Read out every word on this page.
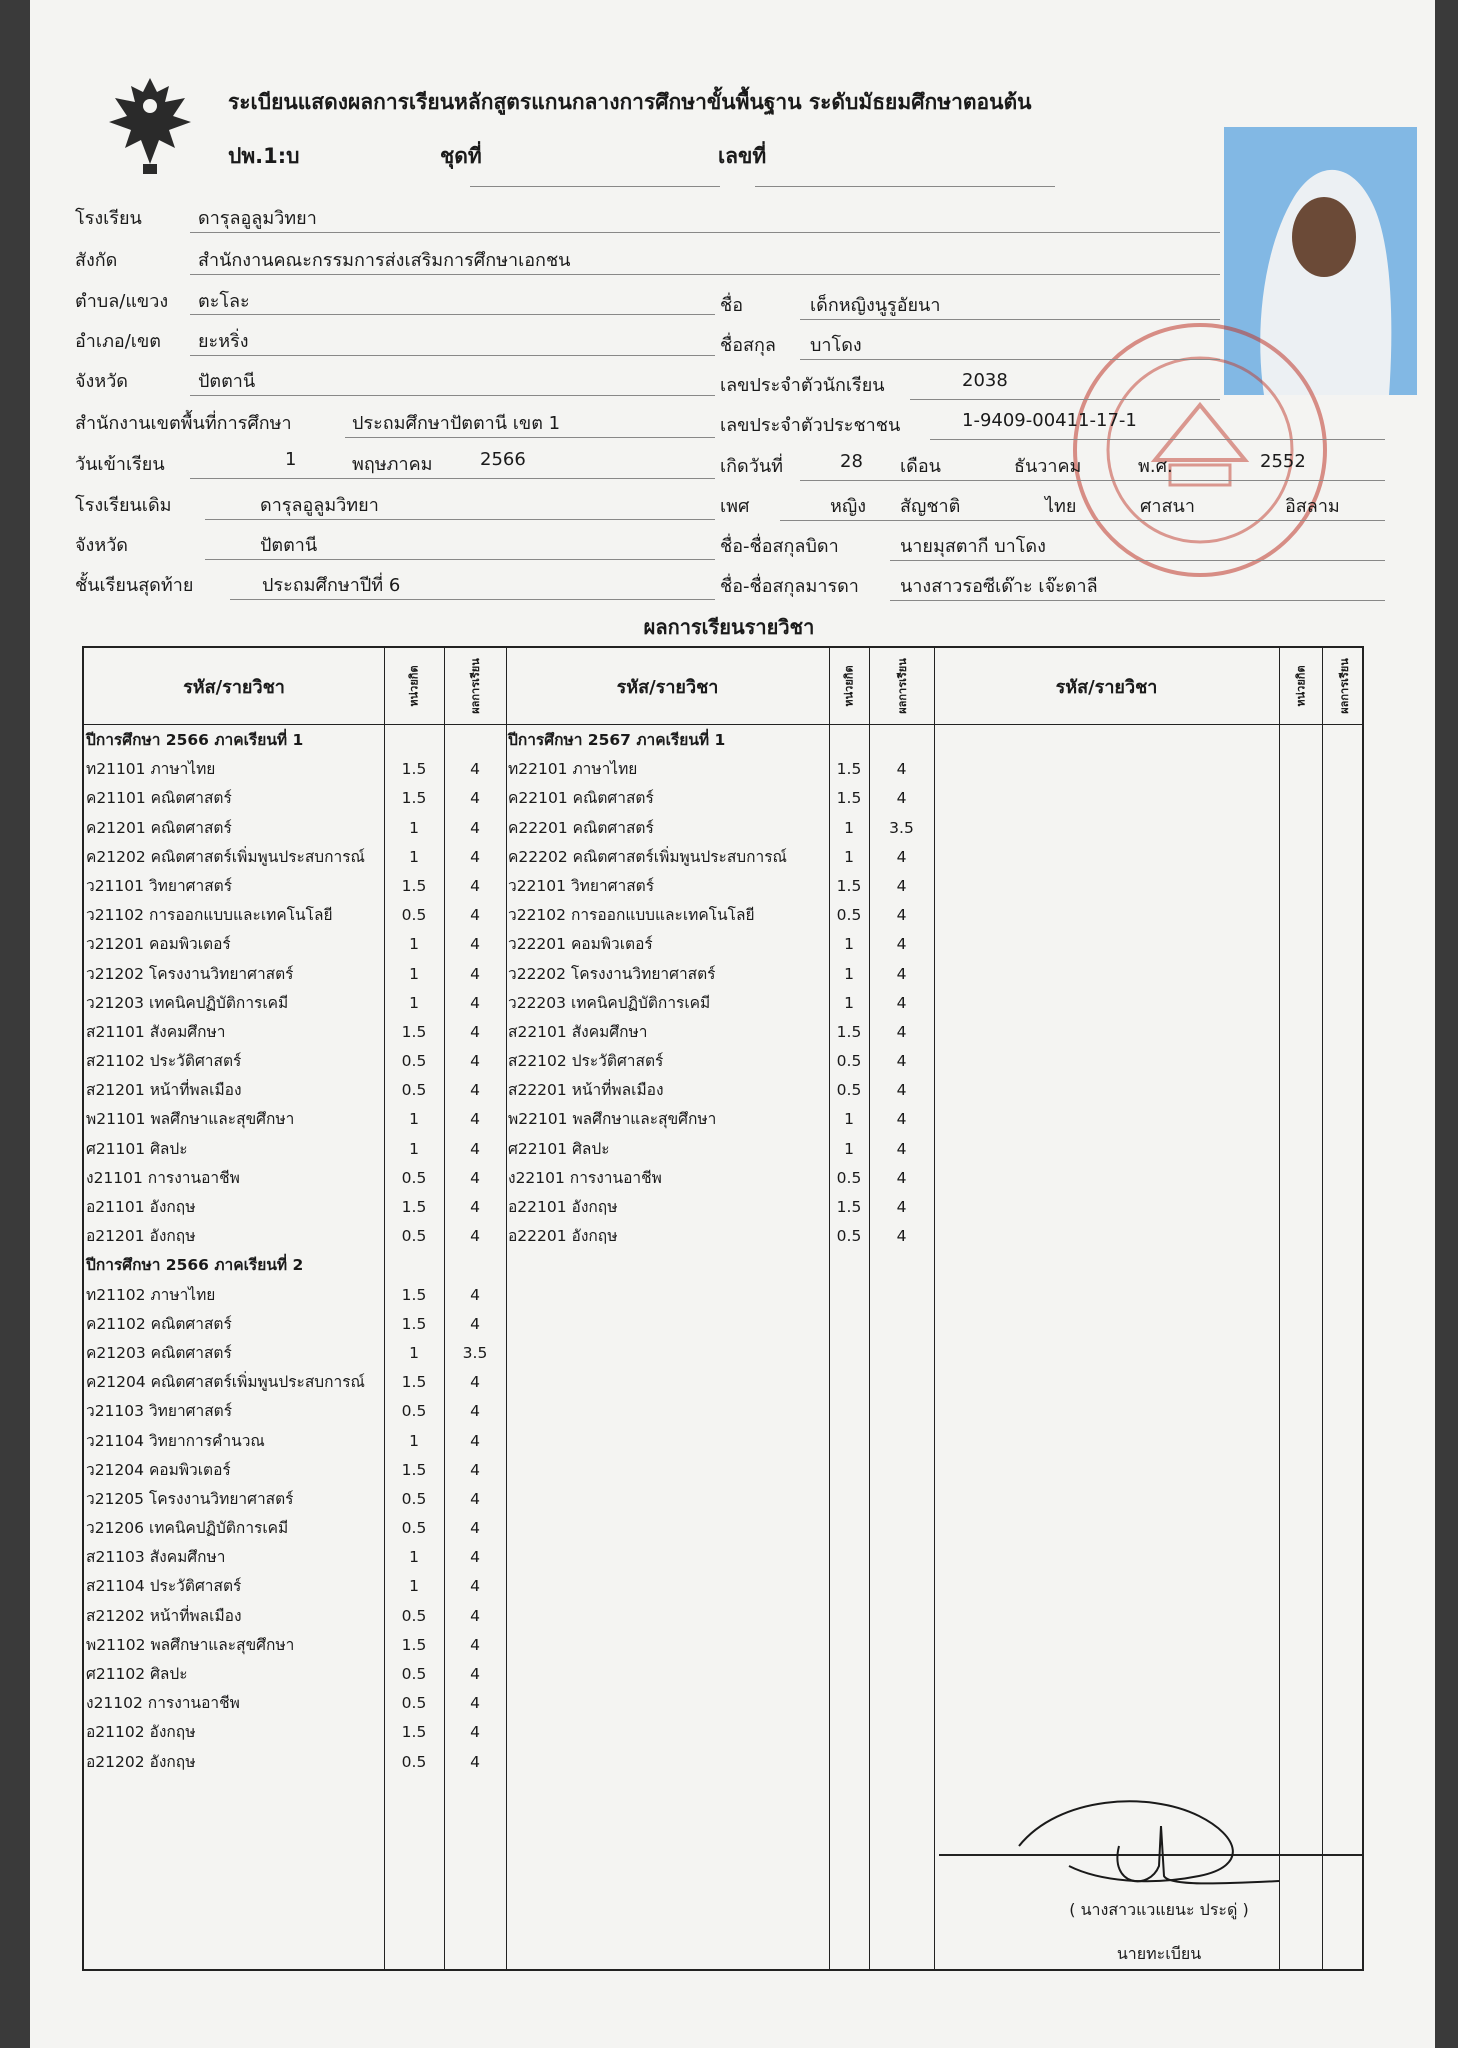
ระเบียนแสดงผลการเรียนหลักสูตรแกนกลางการศึกษาขั้นพื้นฐาน ระดับมัธยมศึกษาตอนต้น
ปพ.1:บ	ชุดที่	เลขที่
โรงเรียน	ดารุลอูลูมวิทยา
สังกัด	สำนักงานคณะกรรมการส่งเสริมการศึกษาเอกชน
ตำบล/แขวง ตะโละ
อำเภอ/เขต ยะหริ่ง
จังหวัด	ปัตตานี
สำนักงานเขตพื้นที่การศึกษา	ประถมศึกษาปัตตานี เขต 1
วันเข้าเรียน	1	พฤษภาคม	2566
โรงเรียนเดิม	ดารุลอูลูมวิทยา
จังหวัด	ปัตตานี
ชั้นเรียนสุดท้าย	ประถมศึกษาปีที่ 6
ชื่อ	เด็กหญิงนูรูอัยนา
ชื่อสกุล บาโดง
เลขประจำตัวนักเรียน	2038
เลขประจำตัวประชาชน	1-9409-00411-17-1
เกิดวันที่	28 เดือน	ธันวาคม	พ.ศ.	2552
เพศ	หญิง สัญชาติ	ไทย	ศาสนา	อิสลาม
ชื่อ-ชื่อสกุลบิดา	นายมุสตากี บาโดง
ชื่อ-ชื่อสกุลมารดา นางสาวรอซีเด๊าะ เจ๊ะดาลี
ผลการเรียนรายวิชา
รหัส/รายวิชา	หน่วยกิต	ผลการเรียน	รหัส/รายวิชา	หน่วยกิต	ผลการเรียน	รหัส/รายวิชา	หน่วยกิต	ผลการเรียน
ปีการศึกษา 2566 ภาคเรียนที่ 1
ท21101 ภาษาไทย	1.5	4
ค21101 คณิตศาสตร์	1.5	4
ค21201 คณิตศาสตร์	1	4
ค21202 คณิตศาสตร์เพิ่มพูนประสบการณ์	1	4
ว21101 วิทยาศาสตร์	1.5	4
ว21102 การออกแบบและเทคโนโลยี	0.5	4
ว21201 คอมพิวเตอร์	1	4
ว21202 โครงงานวิทยาศาสตร์	1	4
ว21203 เทคนิคปฏิบัติการเคมี	1	4
ส21101 สังคมศึกษา	1.5	4
ส21102 ประวัติศาสตร์	0.5	4
ส21201 หน้าที่พลเมือง	0.5	4
พ21101 พลศึกษาและสุขศึกษา	1	4
ศ21101 ศิลปะ	1	4
ง21101 การงานอาชีพ	0.5	4
อ21101 อังกฤษ	1.5	4
อ21201 อังกฤษ	0.5	4
ปีการศึกษา 2566 ภาคเรียนที่ 2
ท21102 ภาษาไทย	1.5	4
ค21102 คณิตศาสตร์	1.5	4
ค21203 คณิตศาสตร์	1	3.5
ค21204 คณิตศาสตร์เพิ่มพูนประสบการณ์	1.5	4
ว21103 วิทยาศาสตร์	0.5	4
ว21104 วิทยาการคำนวณ	1	4
ว21204 คอมพิวเตอร์	1.5	4
ว21205 โครงงานวิทยาศาสตร์	0.5	4
ว21206 เทคนิคปฏิบัติการเคมี	0.5	4
ส21103 สังคมศึกษา	1	4
ส21104 ประวัติศาสตร์	1	4
ส21202 หน้าที่พลเมือง	0.5	4
พ21102 พลศึกษาและสุขศึกษา	1.5	4
ศ21102 ศิลปะ	0.5	4
ง21102 การงานอาชีพ	0.5	4
อ21102 อังกฤษ	1.5	4
อ21202 อังกฤษ	0.5	4
ปีการศึกษา 2567 ภาคเรียนที่ 1
ท22101 ภาษาไทย	1.5	4
ค22101 คณิตศาสตร์	1.5	4
ค22201 คณิตศาสตร์	1	3.5
ค22202 คณิตศาสตร์เพิ่มพูนประสบการณ์	1	4
ว22101 วิทยาศาสตร์	1.5	4
ว22102 การออกแบบและเทคโนโลยี	0.5	4
ว22201 คอมพิวเตอร์	1	4
ว22202 โครงงานวิทยาศาสตร์	1	4
ว22203 เทคนิคปฏิบัติการเคมี	1	4
ส22101 สังคมศึกษา	1.5	4
ส22102 ประวัติศาสตร์	0.5	4
ส22201 หน้าที่พลเมือง	0.5	4
พ22101 พลศึกษาและสุขศึกษา	1	4
ศ22101 ศิลปะ	1	4
ง22101 การงานอาชีพ	0.5	4
อ22101 อังกฤษ	1.5	4
อ22201 อังกฤษ	0.5	4
( นางสาวแวแยนะ ประดู่ )
นายทะเบียน
